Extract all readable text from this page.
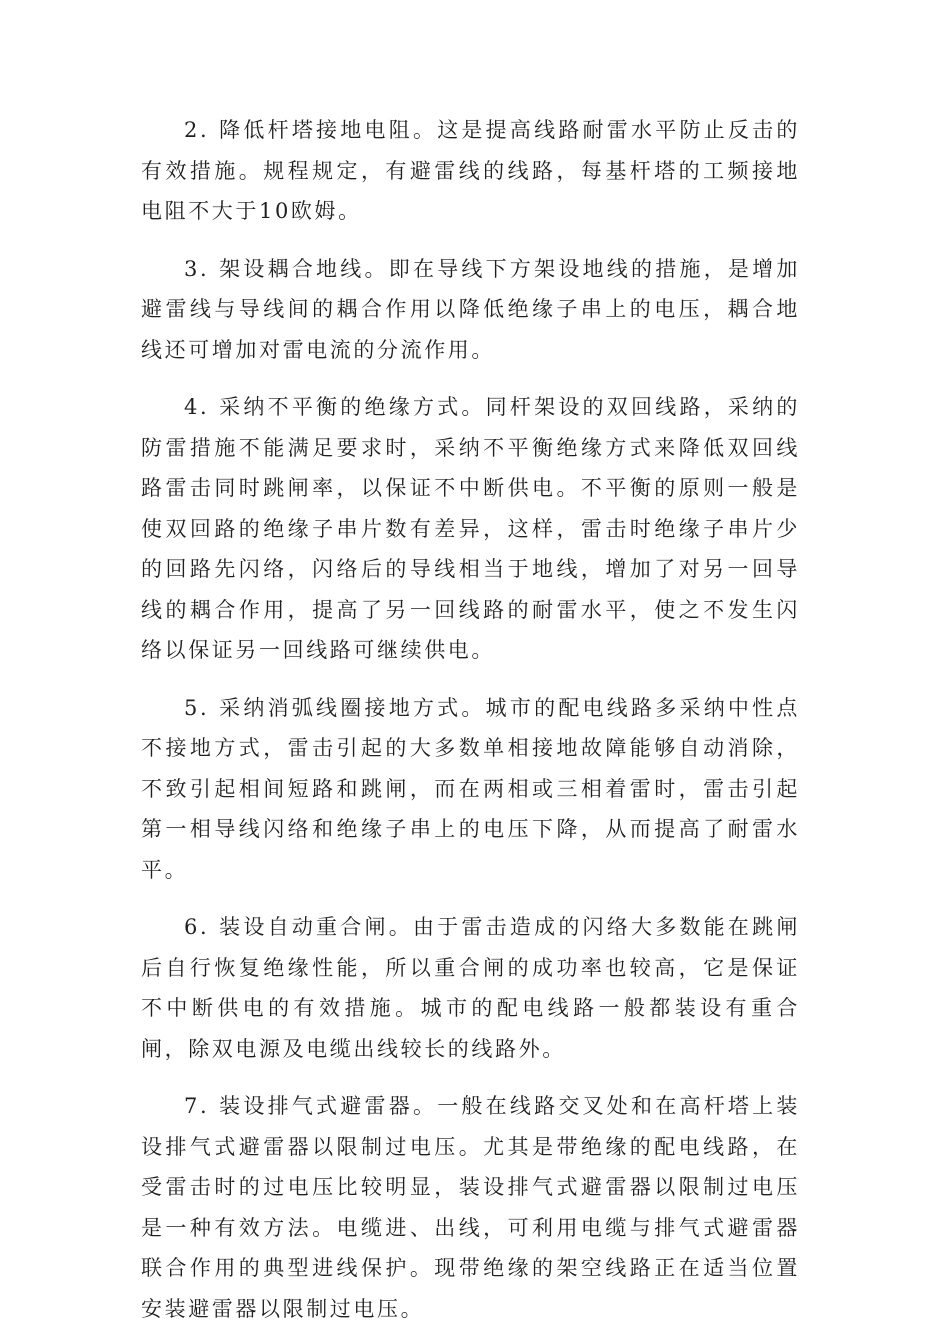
2. 降低杆塔接地电阻。这是提高线路耐雷水平防止反击的有效措施。规程规定，有避雷线的线路，每基杆塔的工频接地电阻不大于10欧姆。

3. 架设耦合地线。即在导线下方架设地线的措施，是增加避雷线与导线间的耦合作用以降低绝缘子串上的电压，耦合地线还可增加对雷电流的分流作用。

4. 采纳不平衡的绝缘方式。同杆架设的双回线路，采纳的防雷措施不能满足要求时，采纳不平衡绝缘方式来降低双回线路雷击同时跳闸率，以保证不中断供电。不平衡的原则一般是使双回路的绝缘子串片数有差异，这样，雷击时绝缘子串片少的回路先闪络，闪络后的导线相当于地线，增加了对另一回导线的耦合作用，提高了另一回线路的耐雷水平，使之不发生闪络以保证另一回线路可继续供电。

5. 采纳消弧线圈接地方式。城市的配电线路多采纳中性点不接地方式，雷击引起的大多数单相接地故障能够自动消除，不致引起相间短路和跳闸，而在两相或三相着雷时，雷击引起第一相导线闪络和绝缘子串上的电压下降，从而提高了耐雷水平。

6. 装设自动重合闸。由于雷击造成的闪络大多数能在跳闸后自行恢复绝缘性能，所以重合闸的成功率也较高，它是保证不中断供电的有效措施。城市的配电线路一般都装设有重合闸，除双电源及电缆出线较长的线路外。

7. 装设排气式避雷器。一般在线路交叉处和在高杆塔上装设排气式避雷器以限制过电压。尤其是带绝缘的配电线路，在受雷击时的过电压比较明显，装设排气式避雷器以限制过电压是一种有效方法。电缆进、出线，可利用电缆与排气式避雷器联合作用的典型进线保护。现带绝缘的架空线路正在适当位置安装避雷器以限制过电压。
